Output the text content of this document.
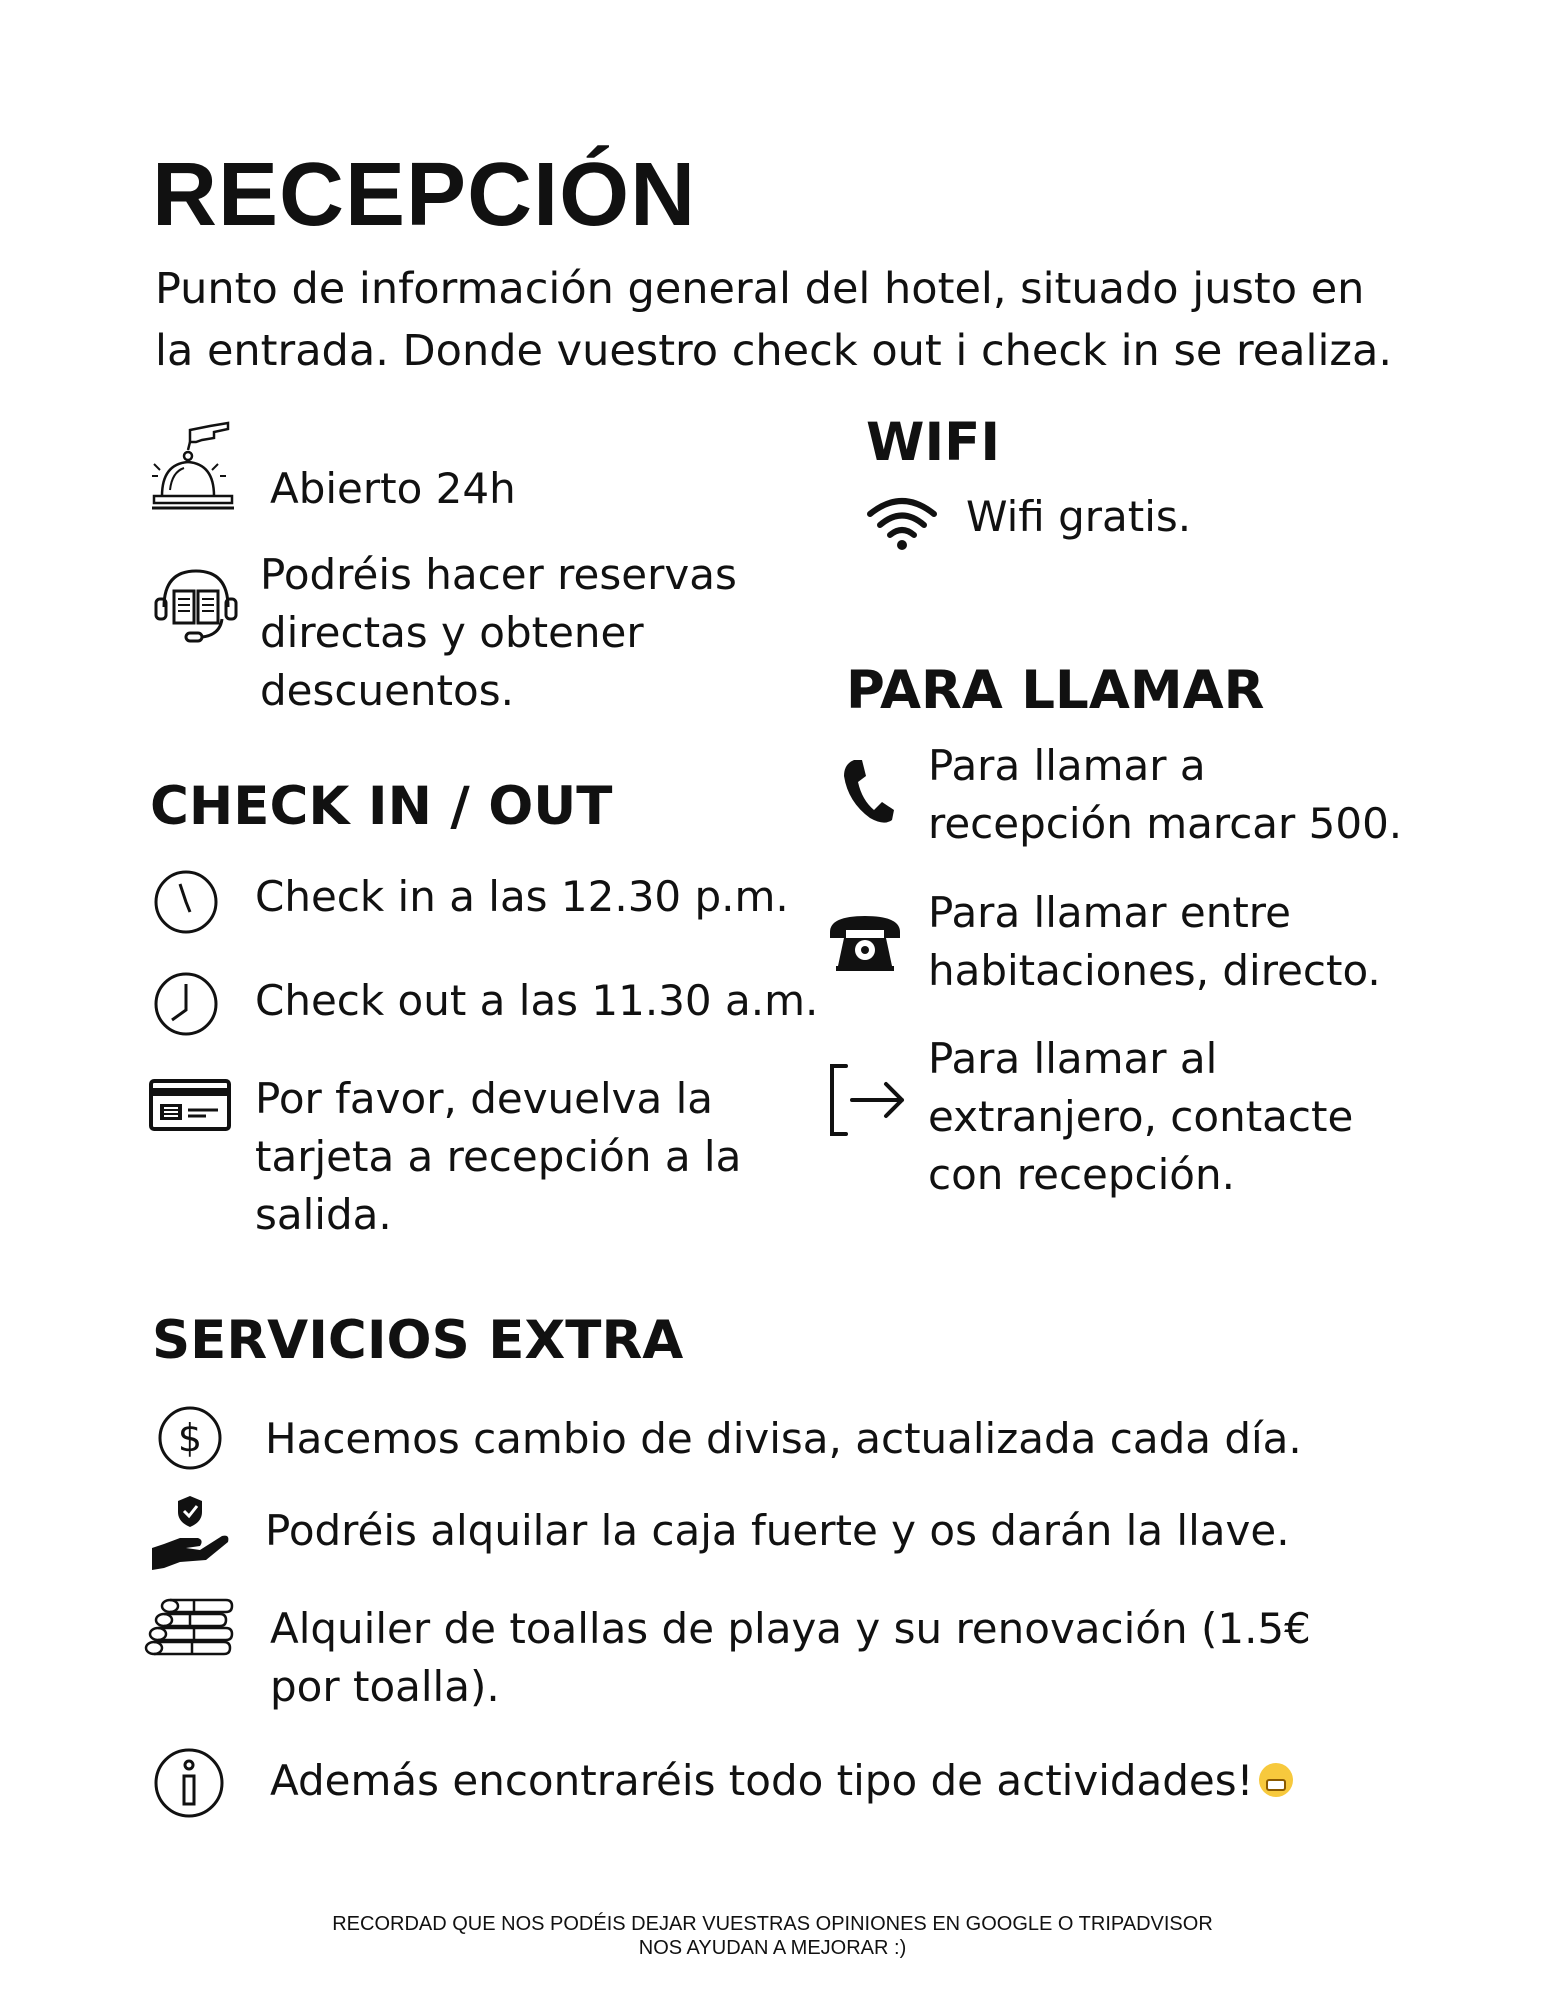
RECEPCIÓN
Punto de información general del hotel, situado justo en la entrada. Donde vuestro check out i check in se realiza.
Abierto 24h
Podréis hacer reservas directas y obtener descuentos.
CHECK IN / OUT
Check in a las 12.30 p.m.
Check out a las 11.30 a.m.
Por favor, devuelva la tarjeta a recepción a la salida.
WIFI
Wifi gratis.
PARA LLAMAR
Para llamar a recepción marcar 500.
Para llamar entre habitaciones, directo.
Para llamar al extranjero, contacte con recepción.
SERVICIOS EXTRA
$ Hacemos cambio de divisa, actualizada cada día.
Podréis alquilar la caja fuerte y os darán la llave.
Alquiler de toallas de playa y su renovación (1.5€ por toalla).
Además encontraréis todo tipo de actividades!
RECORDAD QUE NOS PODÉIS DEJAR VUESTRAS OPINIONES EN GOOGLE O TRIPADVISOR
NOS AYUDAN A MEJORAR :)
